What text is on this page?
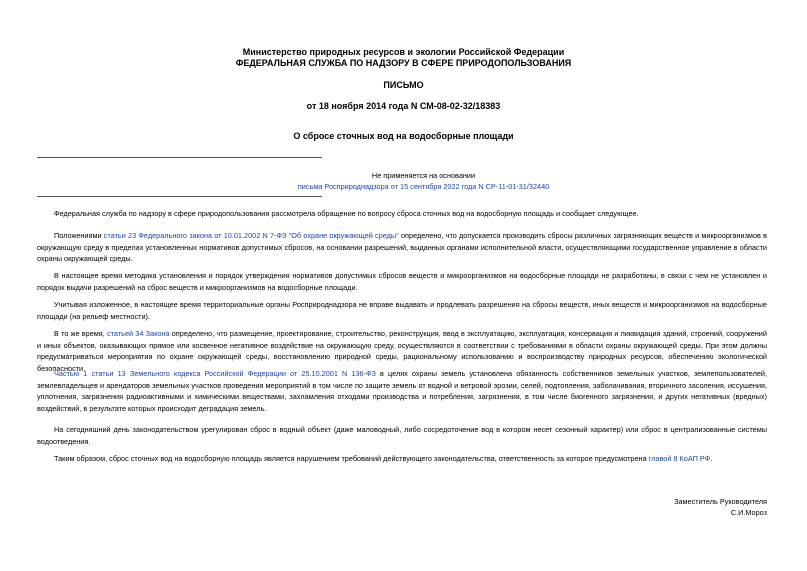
Министерство природных ресурсов и экологии Российской Федерации
ФЕДЕРАЛЬНАЯ СЛУЖБА ПО НАДЗОРУ В СФЕРЕ ПРИРОДОПОЛЬЗОВАНИЯ
ПИСЬМО
от 18 ноября 2014 года N СМ-08-02-32/18383
О сбросе сточных вод на водосборные площади
Не применяется на основании
письма Росприроднадзора от 15 сентября 2022 года N СР-11-01-31/32440
Федеральная служба по надзору в сфере природопользования рассмотрела обращение по вопросу сброса сточных вод на водосборную площадь и сообщает следующее.
Положениями статьи 23 Федерального закона от 10.01.2002 N 7-ФЗ "Об охране окружающей среды" определено, что допускается производить сбросы различных загрязняющих веществ и микроорганизмов в окружающую среду в пределах установленных нормативов допустимых сбросов, на основании разрешений, выданных органами исполнительной власти, осуществляющими государственное управление в области охраны окружающей среды.
В настоящее время методика установления и порядок утверждения нормативов допустимых сбросов веществ и микроорганизмов на водосборные площади не разработаны, в связи с чем не установлен и порядок выдачи разрешений на сброс веществ и микроорганизмов на водосборные площади.
Учитывая изложенное, в настоящее время территориальные органы Росприроднадзора не вправе выдавать и продлевать разрешения на сбросы веществ, иных веществ и микроорганизмов на водосборные площади (на рельеф местности).
В то же время, статьей 34 Закона определено, что размещение, проектирование, строительство, реконструкция, ввод в эксплуатацию, эксплуатация, консервация и ликвидация зданий, строений, сооружений и иных объектов, оказывающих прямое или косвенное негативное воздействие на окружающую среду, осуществляются в соответствии с требованиями в области охраны окружающей среды. При этом должны предусматриваться мероприятия по охране окружающей среды, восстановлению природной среды, рациональному использованию и воспроизводству природных ресурсов, обеспечению экологической безопасности.
Частью 1 статьи 13 Земельного кодекса Российской Федерации от 25.10.2001 N 136-ФЗ в целях охраны земель установлена обязанность собственников земельных участков, землепользователей, землевладельцев и арендаторов земельных участков проведения мероприятий в том числе по защите земель от водной и ветровой эрозии, селей, подтопления, заболачивания, вторичного засоления, иссушения, уплотнения, загрязнения радиоактивными и химическими веществами, захламления отходами производства и потребления, загрязнения, в том числе биогенного загрязнения, и других негативных (вредных) воздействий, в результате которых происходит деградация земель.
На сегодняшний день законодательством урегулирован сброс в водный объект (даже маловодный, либо сосредоточение вод в котором несет сезонный характер) или сброс в централизованные системы водоотведения.
Таким образом, сброс сточных вод на водосборную площадь является нарушением требований действующего законодательства, ответственность за которое предусмотрена главой 8 КоАП РФ.
Заместитель Руководителя
С.И.Мороз
